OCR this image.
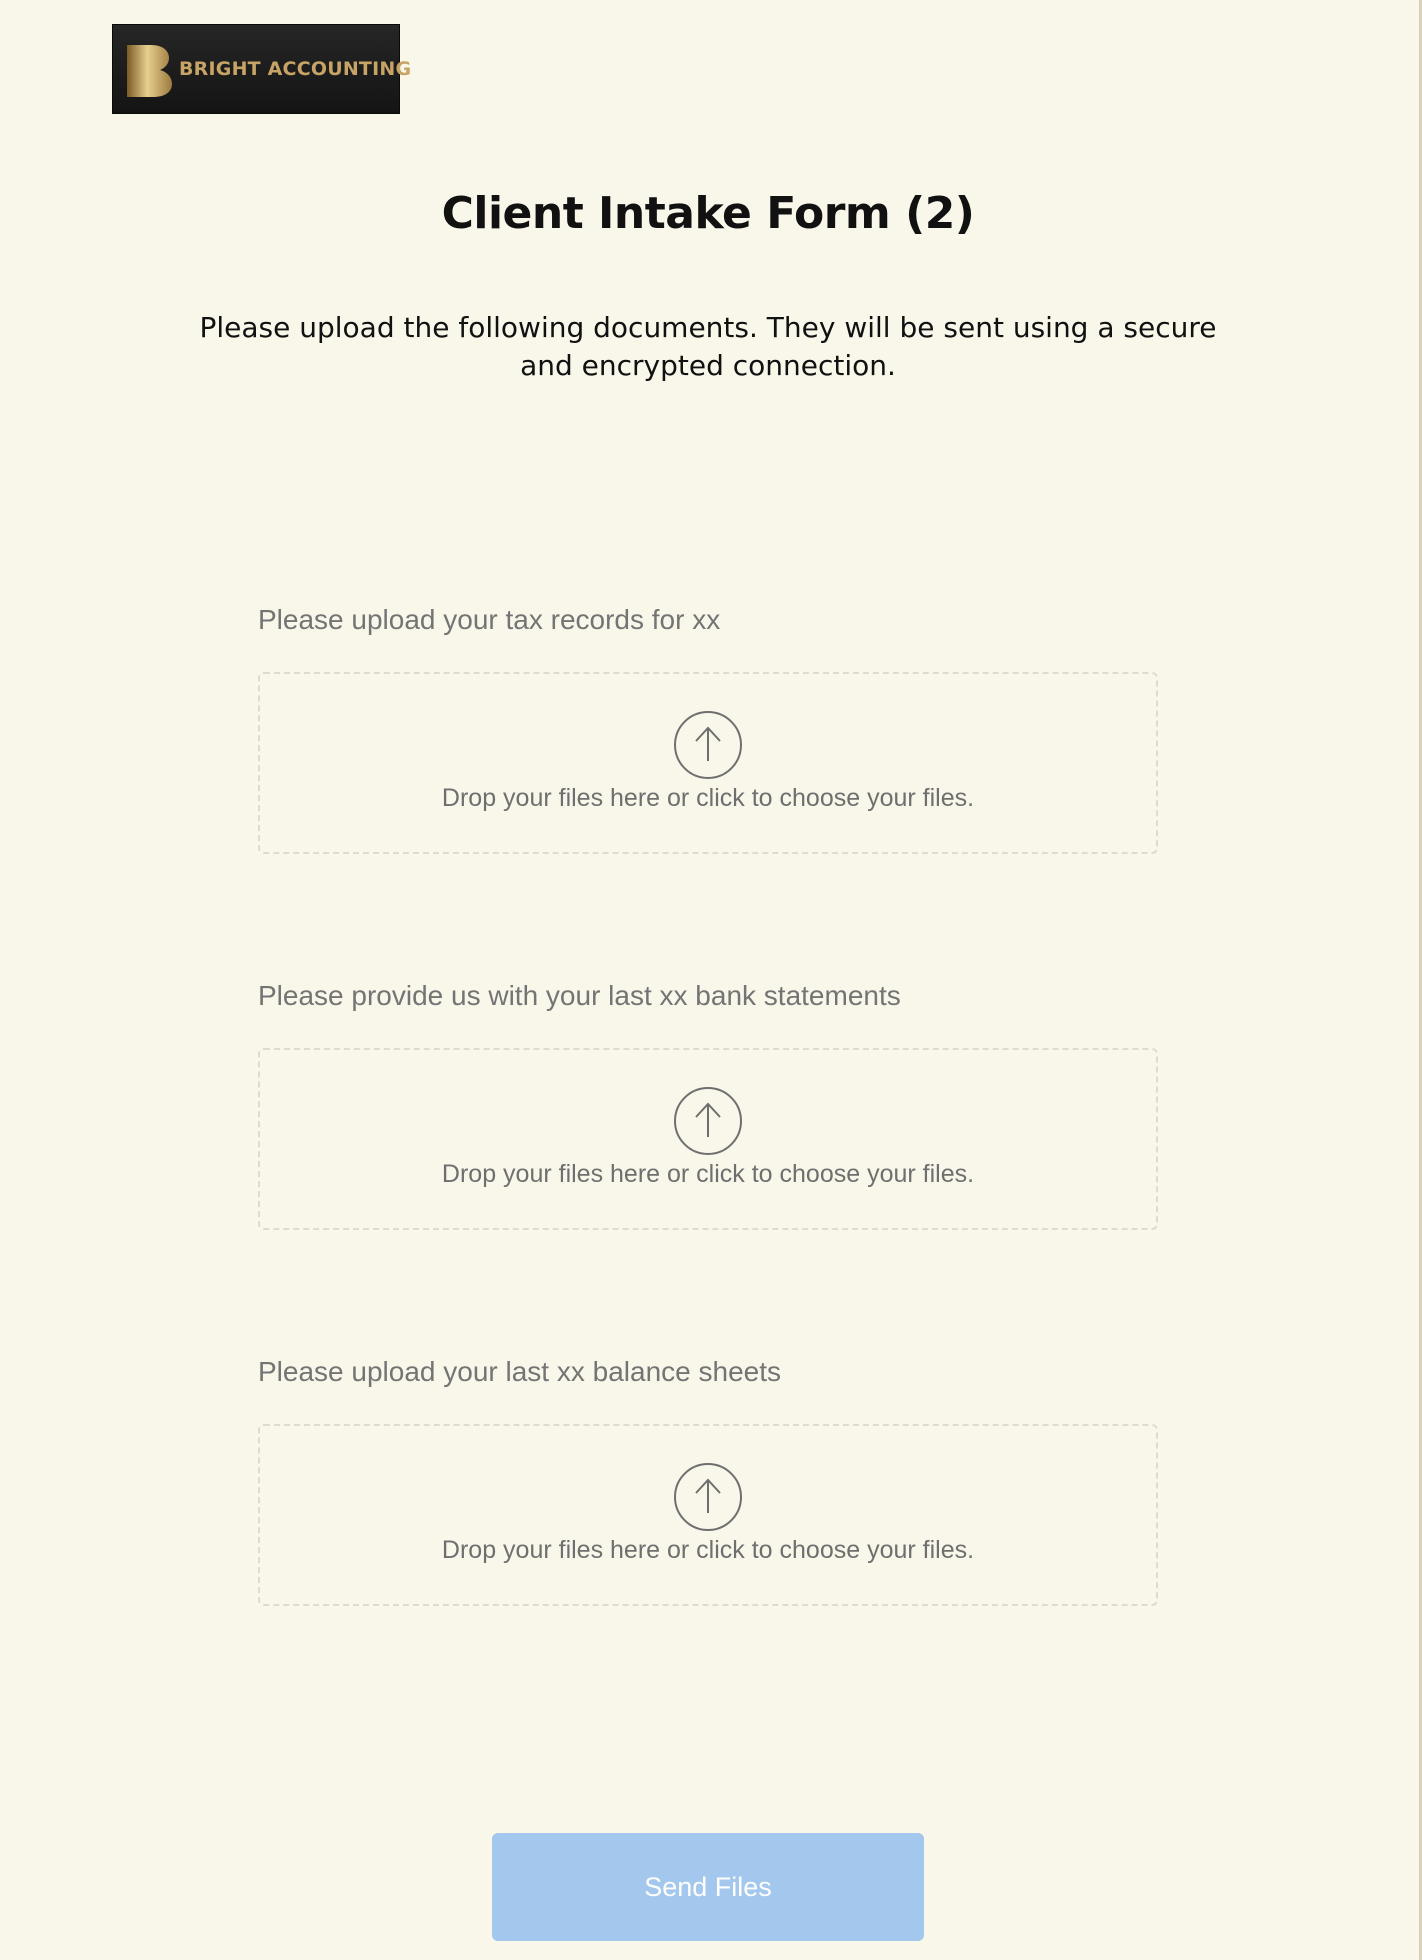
BRIGHT ACCOUNTING
Client Intake Form (2)
Please upload the following documents. They will be sent using a secure and encrypted connection.
Please upload your tax records for xx
Drop your files here or click to choose your files.
Please provide us with your last xx bank statements
Drop your files here or click to choose your files.
Please upload your last xx balance sheets
Drop your files here or click to choose your files.
Send Files
